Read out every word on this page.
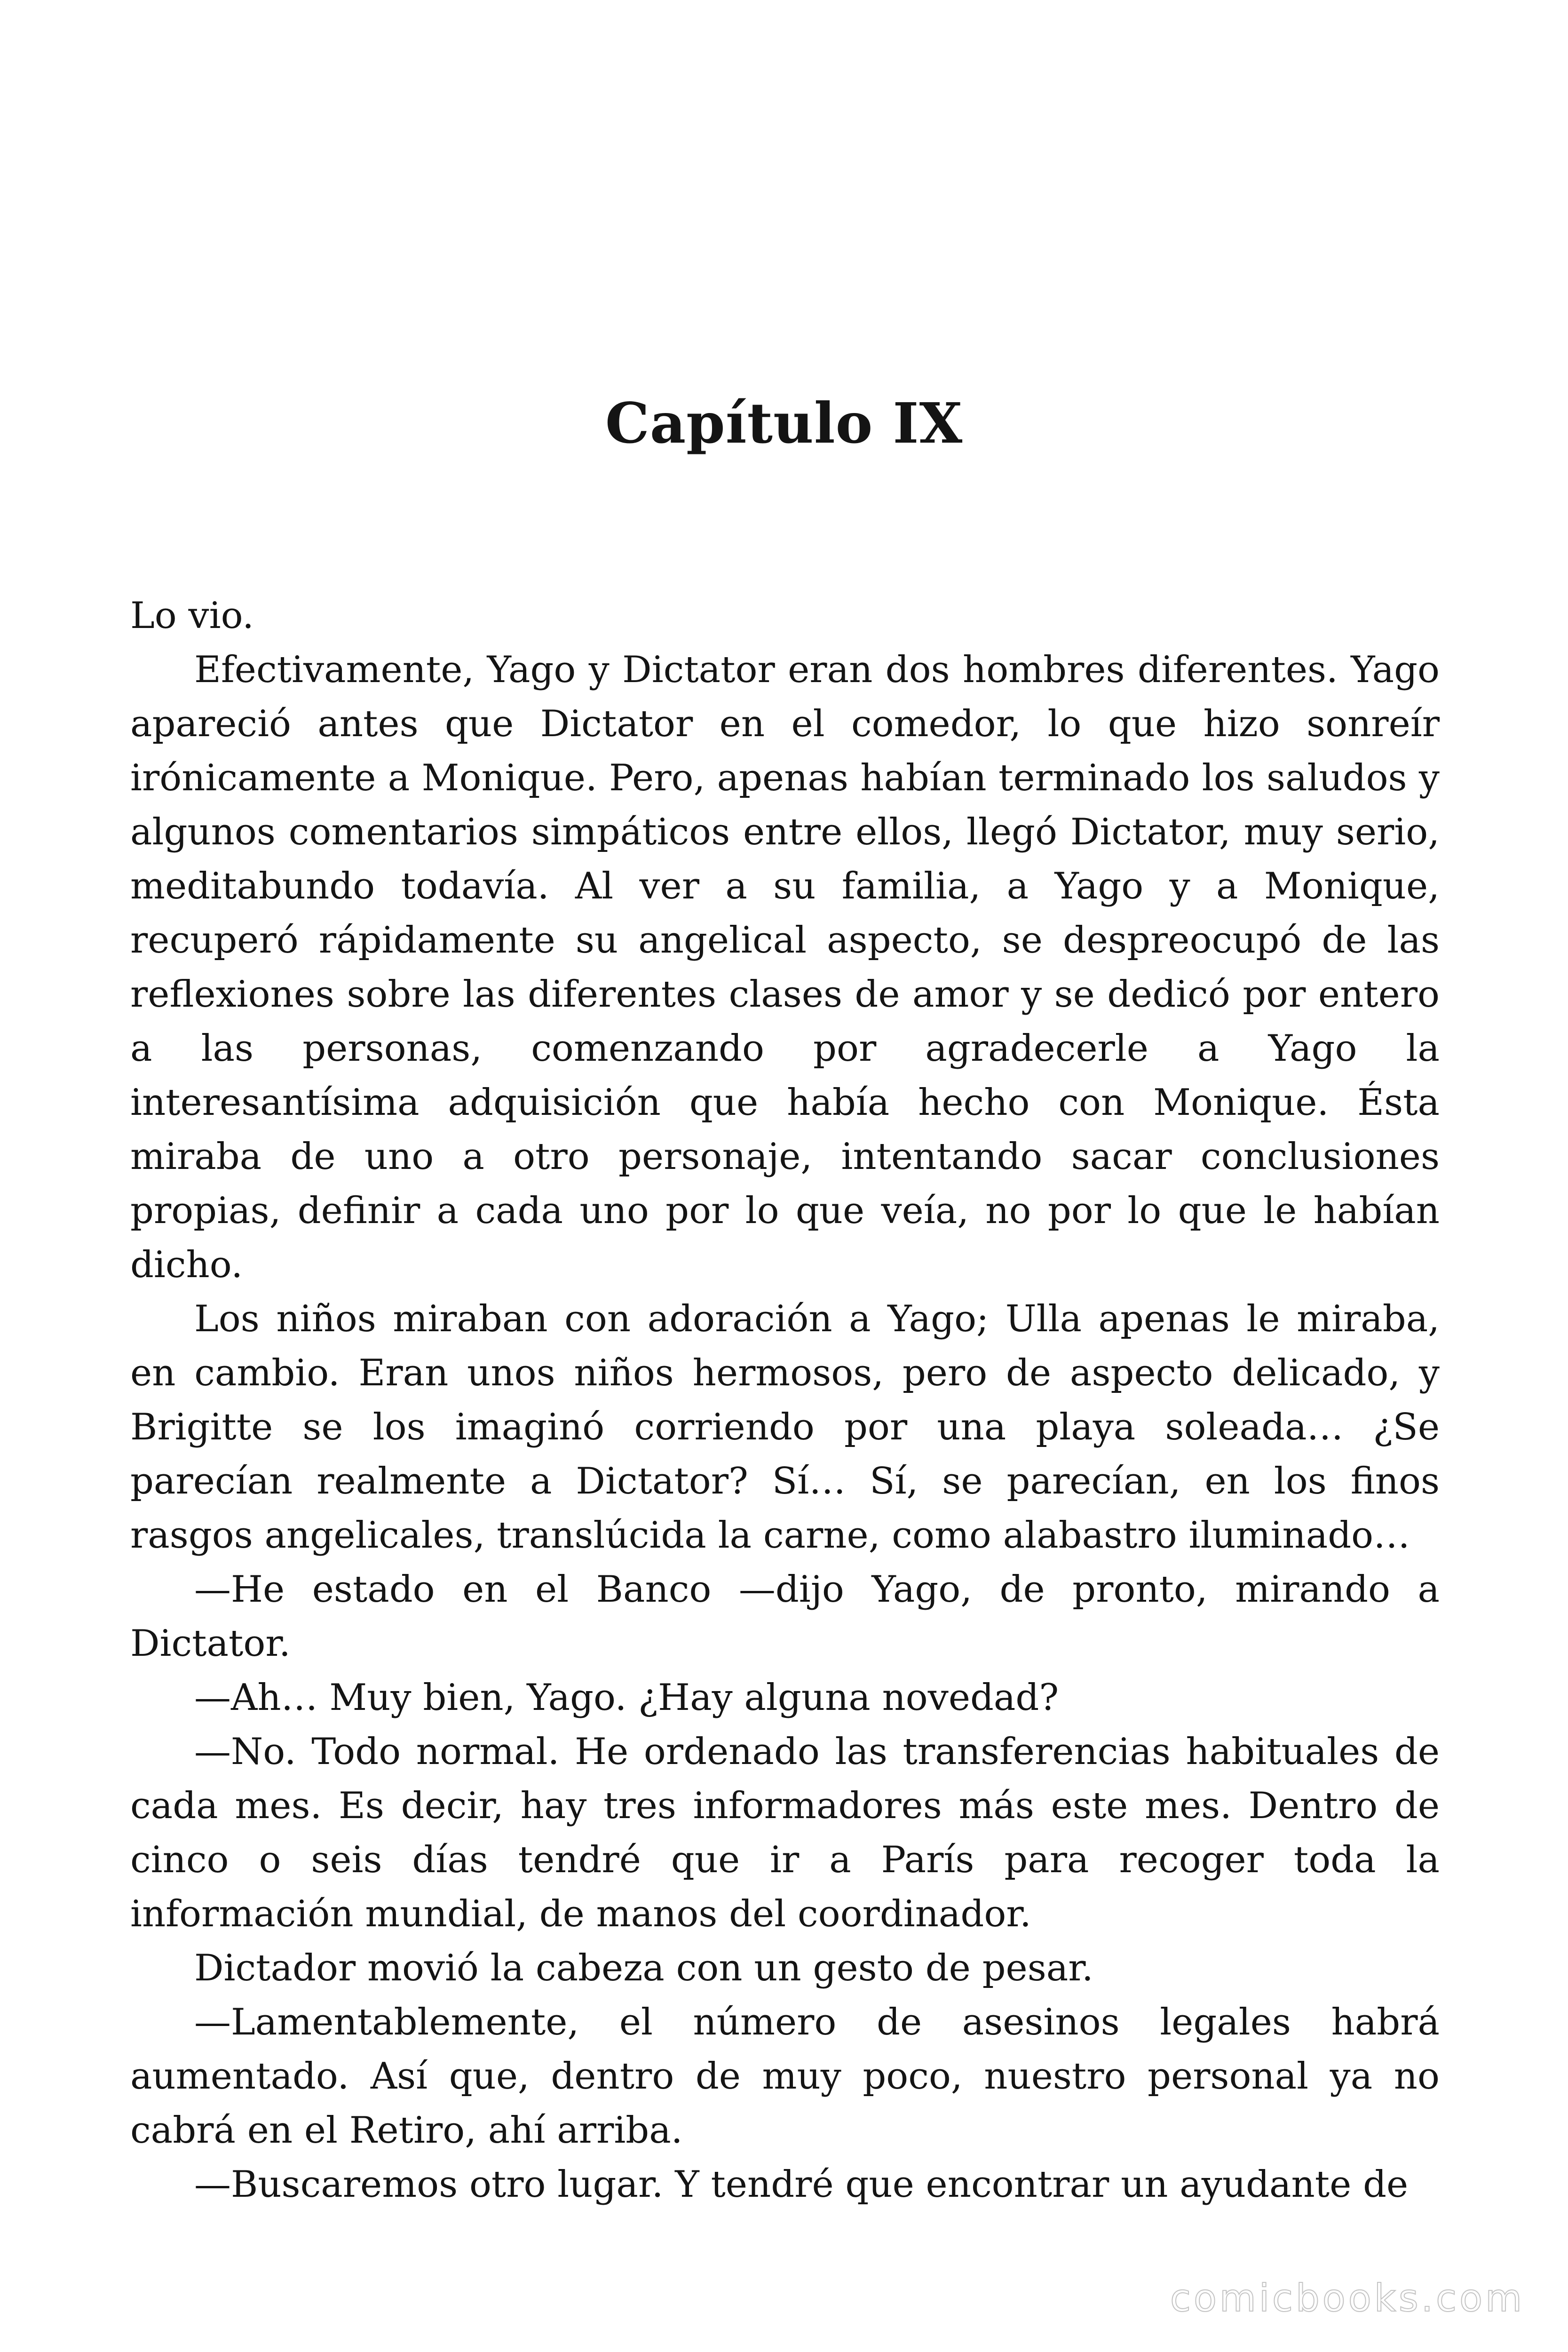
Capítulo IX

Lo vio.

Efectivamente, Yago y Dictator eran dos hombres diferentes. Yago apareció antes que Dictator en el comedor, lo que hizo sonreír irónicamente a Monique. Pero, apenas habían terminado los saludos y algunos comentarios simpáticos entre ellos, llegó Dictator, muy serio, meditabundo todavía. Al ver a su familia, a Yago y a Monique, recuperó rápidamente su angelical aspecto, se despreocupó de las reflexiones sobre las diferentes clases de amor y se dedicó por entero a las personas, comenzando por agradecerle a Yago la interesantísima adquisición que había hecho con Monique. Ésta miraba de uno a otro personaje, intentando sacar conclusiones propias, definir a cada uno por lo que veía, no por lo que le habían dicho.

Los niños miraban con adoración a Yago; Ulla apenas le miraba, en cambio. Eran unos niños hermosos, pero de aspecto delicado, y Brigitte se los imaginó corriendo por una playa soleada… ¿Se parecían realmente a Dictator? Sí… Sí, se parecían, en los finos rasgos angelicales, translúcida la carne, como alabastro iluminado…

—He estado en el Banco —dijo Yago, de pronto, mirando a Dictator.

—Ah… Muy bien, Yago. ¿Hay alguna novedad?

—No. Todo normal. He ordenado las transferencias habituales de cada mes. Es decir, hay tres informadores más este mes. Dentro de cinco o seis días tendré que ir a París para recoger toda la información mundial, de manos del coordinador.

Dictador movió la cabeza con un gesto de pesar.

—Lamentablemente, el número de asesinos legales habrá aumentado. Así que, dentro de muy poco, nuestro personal ya no cabrá en el Retiro, ahí arriba.

—Buscaremos otro lugar. Y tendré que encontrar un ayudante de

comicbooks.com
